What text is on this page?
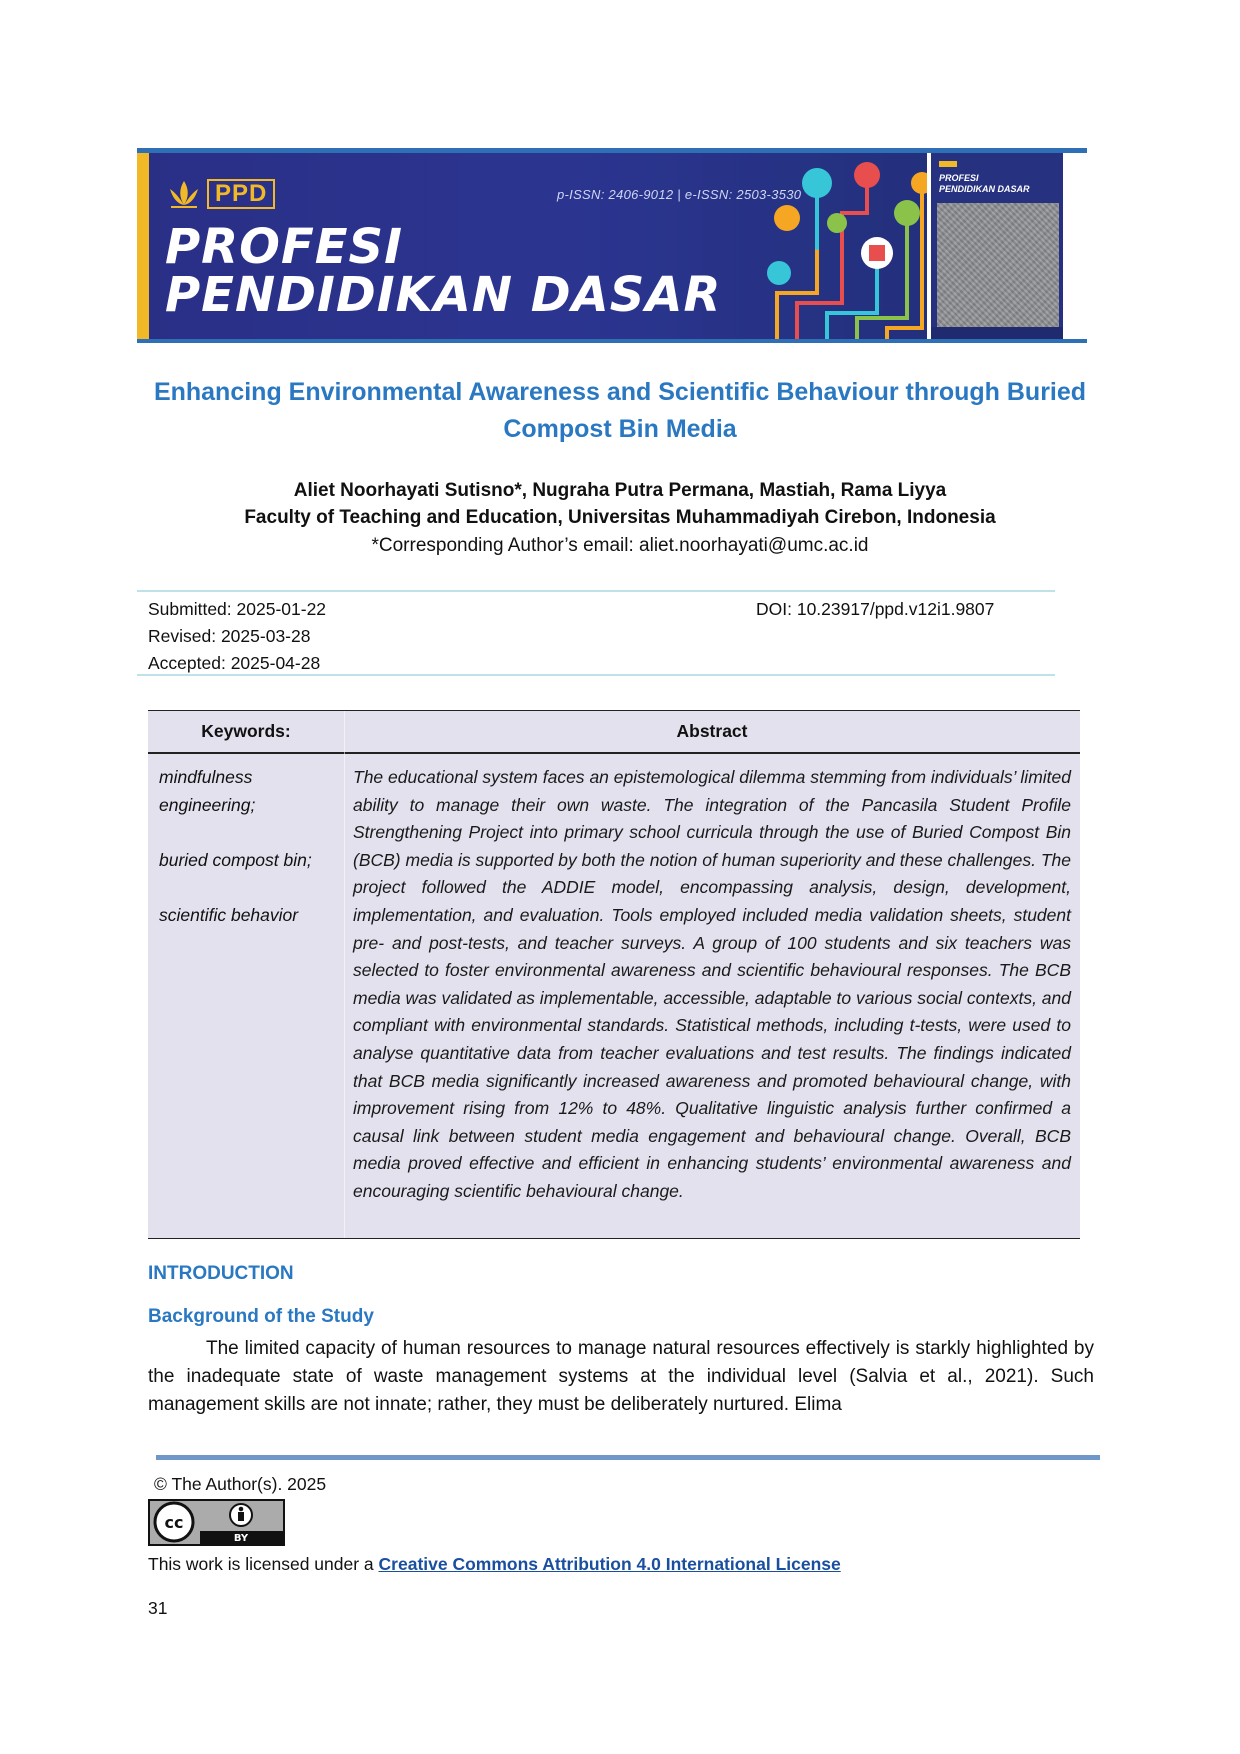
PPD	p-ISSN: 2406-9012 | e-ISSN: 2503-3530
PROFESI
PENDIDIKAN DASAR
PROFESI
PENDIDIKAN DASAR
Enhancing Environmental Awareness and Scientific Behaviour through Buried Compost Bin Media
Aliet Noorhayati Sutisno*, Nugraha Putra Permana, Mastiah, Rama Liyya
Faculty of Teaching and Education, Universitas Muhammadiyah Cirebon, Indonesia
*Corresponding Author’s email: aliet.noorhayati@umc.ac.id
Submitted: 2025-01-22
Revised: 2025-03-28
Accepted: 2025-04-28
DOI: 10.23917/ppd.v12i1.9807
Keywords:	Abstract
mindfulness engineering;
buried compost bin;
scientific behavior
The educational system faces an epistemological dilemma stemming from individuals’ limited ability to manage their own waste. The integration of the Pancasila Student Profile Strengthening Project into primary school curricula through the use of Buried Compost Bin (BCB) media is supported by both the notion of human superiority and these challenges. The project followed the ADDIE model, encompassing analysis, design, development, implementation, and evaluation. Tools employed included media validation sheets, student pre- and post-tests, and teacher surveys. A group of 100 students and six teachers was selected to foster environmental awareness and scientific behavioural responses. The BCB media was validated as implementable, accessible, adaptable to various social contexts, and compliant with environmental standards. Statistical methods, including t-tests, were used to analyse quantitative data from teacher evaluations and test results. The findings indicated that BCB media significantly increased awareness and promoted behavioural change, with improvement rising from 12% to 48%. Qualitative linguistic analysis further confirmed a causal link between student media engagement and behavioural change. Overall, BCB media proved effective and efficient in enhancing students’ environmental awareness and encouraging scientific behavioural change.
INTRODUCTION
Background of the Study
The limited capacity of human resources to manage natural resources effectively is starkly highlighted by the inadequate state of waste management systems at the individual level (Salvia et al., 2021). Such management skills are not innate; rather, they must be deliberately nurtured. Elima
© The Author(s). 2025
cc
BY
This work is licensed under a Creative Commons Attribution 4.0 International License
31
